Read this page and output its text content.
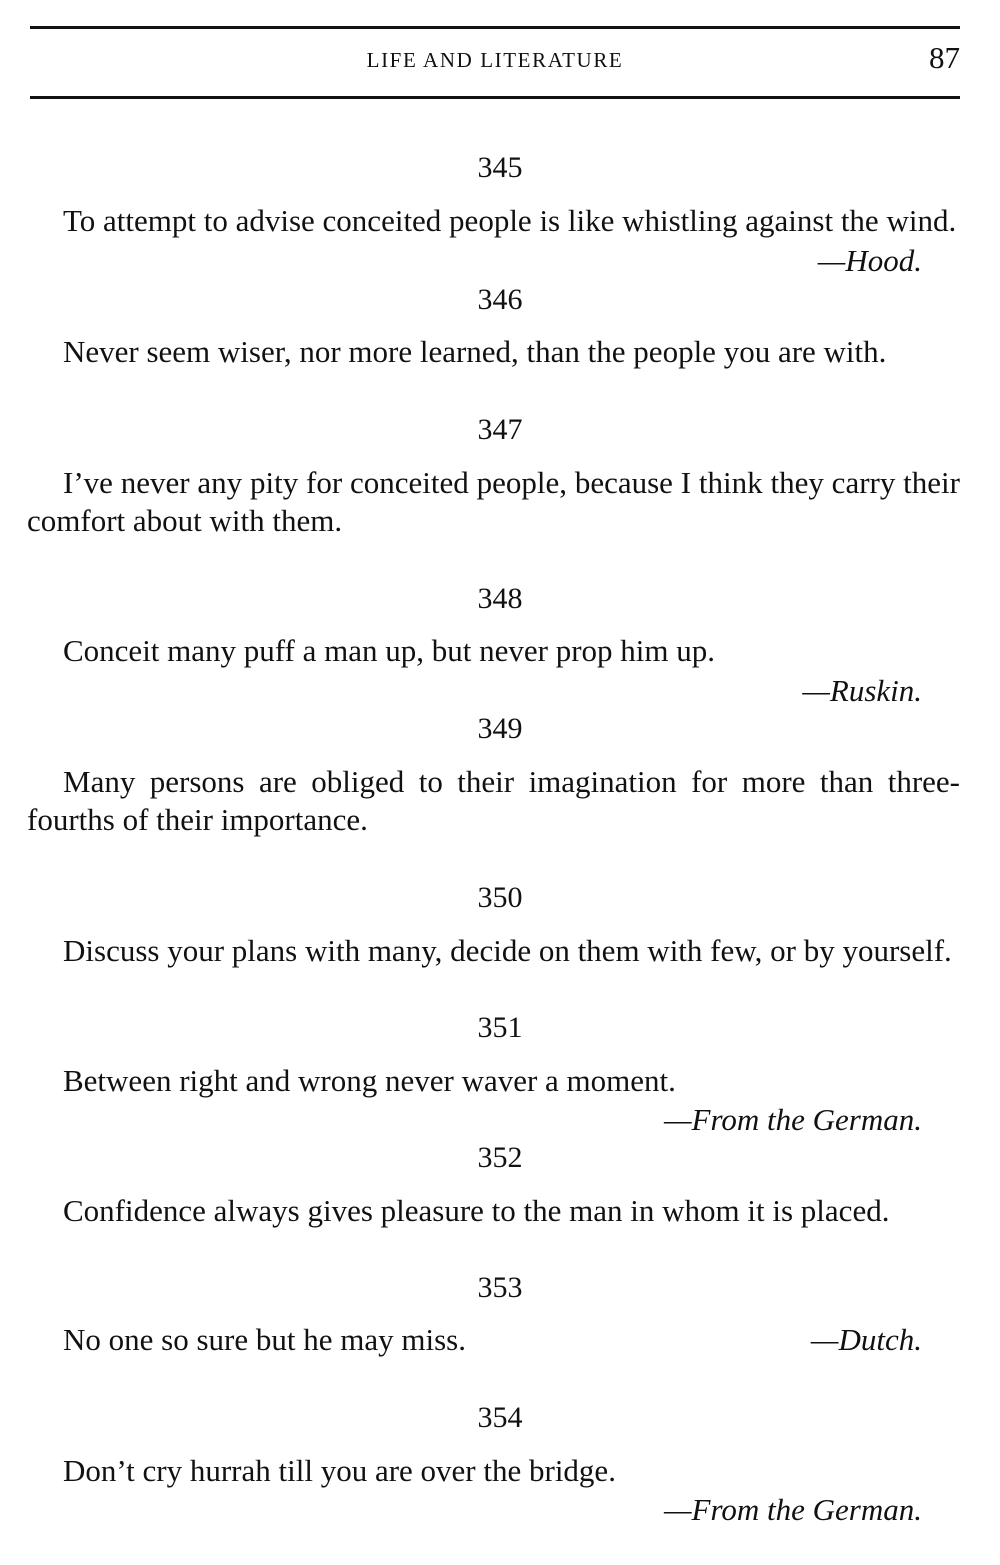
LIFE AND LITERATURE	87
345

To attempt to advise conceited people is like whistling against the wind.

—Hood.
346

Never seem wiser, nor more learned, than the people you are with.

347

I’ve never any pity for conceited people, because I think they carry their comfort about with them.

348

Conceit many puff a man up, but never prop him up.

—Ruskin.
349

Many persons are obliged to their imagination for more than three-fourths of their importance.

350

Discuss your plans with many, decide on them with few, or by yourself.

351

Between right and wrong never waver a moment.

—From the German.
352

Confidence always gives pleasure to the man in whom it is placed.

353

No one so sure but he may miss.	—Dutch.
354

Don’t cry hurrah till you are over the bridge.

—From the German.
